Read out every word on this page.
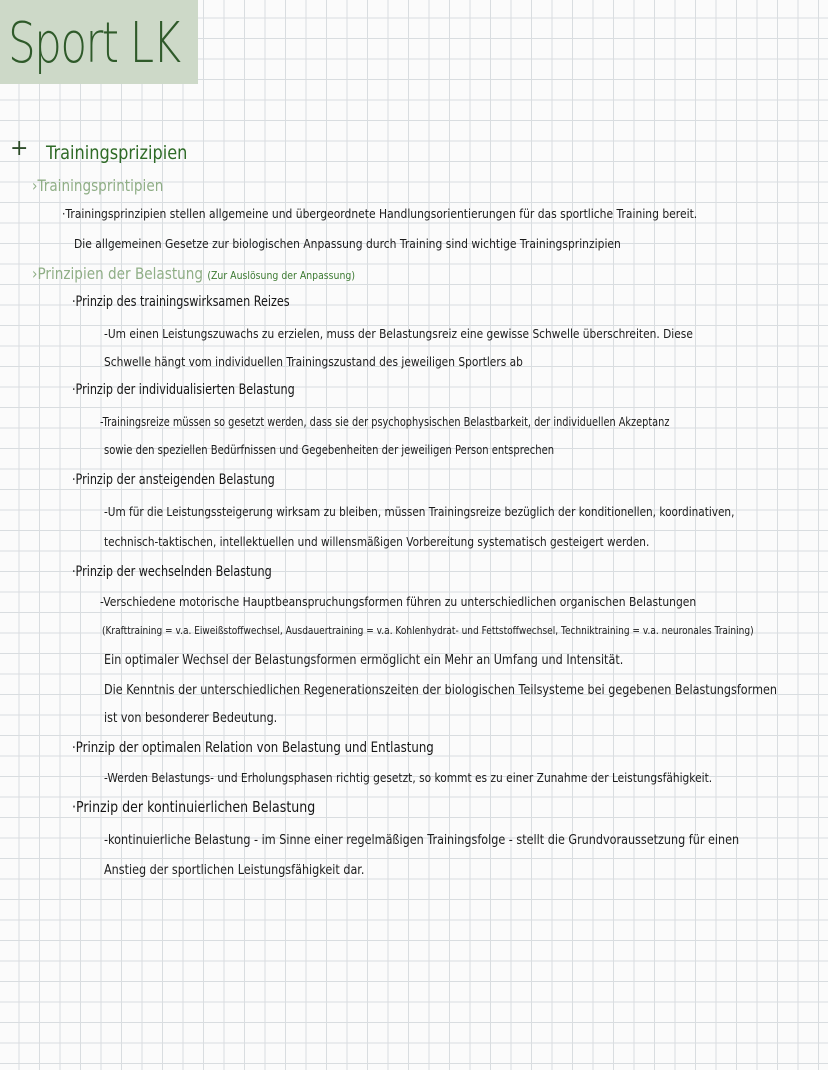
Sport LK
+ Trainingsprizipien
›Trainingsprintipien
·Trainingsprinzipien stellen allgemeine und übergeordnete Handlungsorientierungen für das sportliche Training bereit.
Die allgemeinen Gesetze zur biologischen Anpassung durch Training sind wichtige Trainingsprinzipien
›Prinzipien der Belastung (Zur Auslösung der Anpassung)
·Prinzip des trainingswirksamen Reizes
-Um einen Leistungszuwachs zu erzielen, muss der Belastungsreiz eine gewisse Schwelle überschreiten. Diese
Schwelle hängt vom individuellen Trainingszustand des jeweiligen Sportlers ab
·Prinzip der individualisierten Belastung
-Trainingsreize müssen so gesetzt werden, dass sie der psychophysischen Belastbarkeit, der individuellen Akzeptanz
sowie den speziellen Bedürfnissen und Gegebenheiten der jeweiligen Person entsprechen
·Prinzip der ansteigenden Belastung
-Um für die Leistungssteigerung wirksam zu bleiben, müssen Trainingsreize bezüglich der konditionellen, koordinativen,
technisch-taktischen, intellektuellen und willensmäßigen Vorbereitung systematisch gesteigert werden.
·Prinzip der wechselnden Belastung
-Verschiedene motorische Hauptbeanspruchungsformen führen zu unterschiedlichen organischen Belastungen
(Krafttraining = v.a. Eiweißstoffwechsel, Ausdauertraining = v.a. Kohlenhydrat- und Fettstoffwechsel, Techniktraining = v.a. neuronales Training)
Ein optimaler Wechsel der Belastungsformen ermöglicht ein Mehr an Umfang und Intensität.
Die Kenntnis der unterschiedlichen Regenerationszeiten der biologischen Teilsysteme bei gegebenen Belastungsformen
ist von besonderer Bedeutung.
·Prinzip der optimalen Relation von Belastung und Entlastung
-Werden Belastungs- und Erholungsphasen richtig gesetzt, so kommt es zu einer Zunahme der Leistungsfähigkeit.
·Prinzip der kontinuierlichen Belastung
-kontinuierliche Belastung - im Sinne einer regelmäßigen Trainingsfolge - stellt die Grundvoraussetzung für einen
Anstieg der sportlichen Leistungsfähigkeit dar.
